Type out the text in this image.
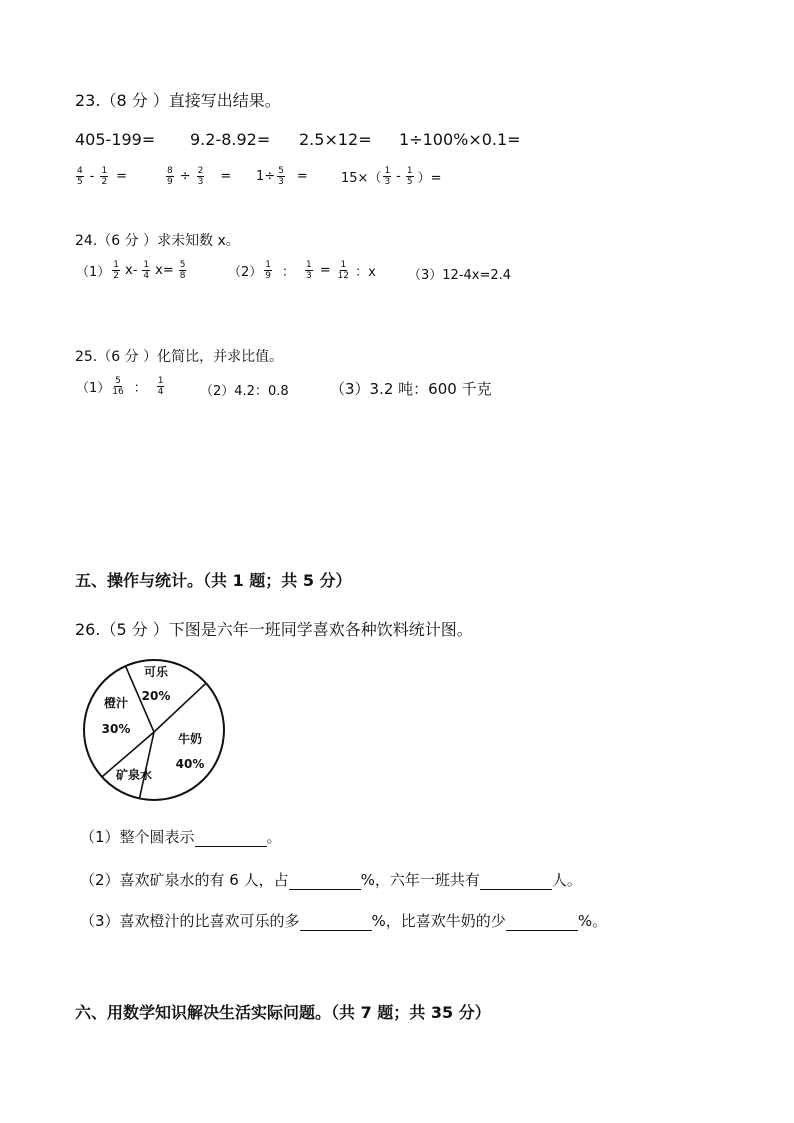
23.（8 分 ）直接写出结果。
405-199= 9.2-8.92= 2.5×12= 1÷100%×0.1=
$\frac{4}{5} - \frac{1}{2}$ =	$\frac{8}{9} \div \frac{2}{3} = 1\div \frac{5}{3}$ =	$15\times( \frac{1}{3} - \frac{1}{5}$ ）=
24.（6 分 ）求未知数 x。
$(1) \frac{1}{2} x- \frac{1}{4} x= \frac{5}{8}$	$(2) \frac{1}{9}$ ： $\frac{1}{3} = \frac{1}{12}$ ：x （3）12-4x=2.4
25.（6 分 ）化简比，并求比值。
$(1) \frac{5}{16}$ ： $\frac{1}{4}$	（2）4.2：0.8	（3）3.2 吨：600 千克
五、操作与统计。（共 1 题；共 5 分）
26.（5 分 ）下图是六年一班同学喜欢各种饮料统计图。
可乐
20%
牛奶
40%
矿泉水
橙汁
30%
（1）整个圆表示	。
（2）喜欢矿泉水的有 6 人，占	%，六年一班共有	人。
（3）喜欢橙汁的比喜欢可乐的多	%，比喜欢牛奶的少	%。
六、用数学知识解决生活实际问题。（共 7 题；共 35 分）
